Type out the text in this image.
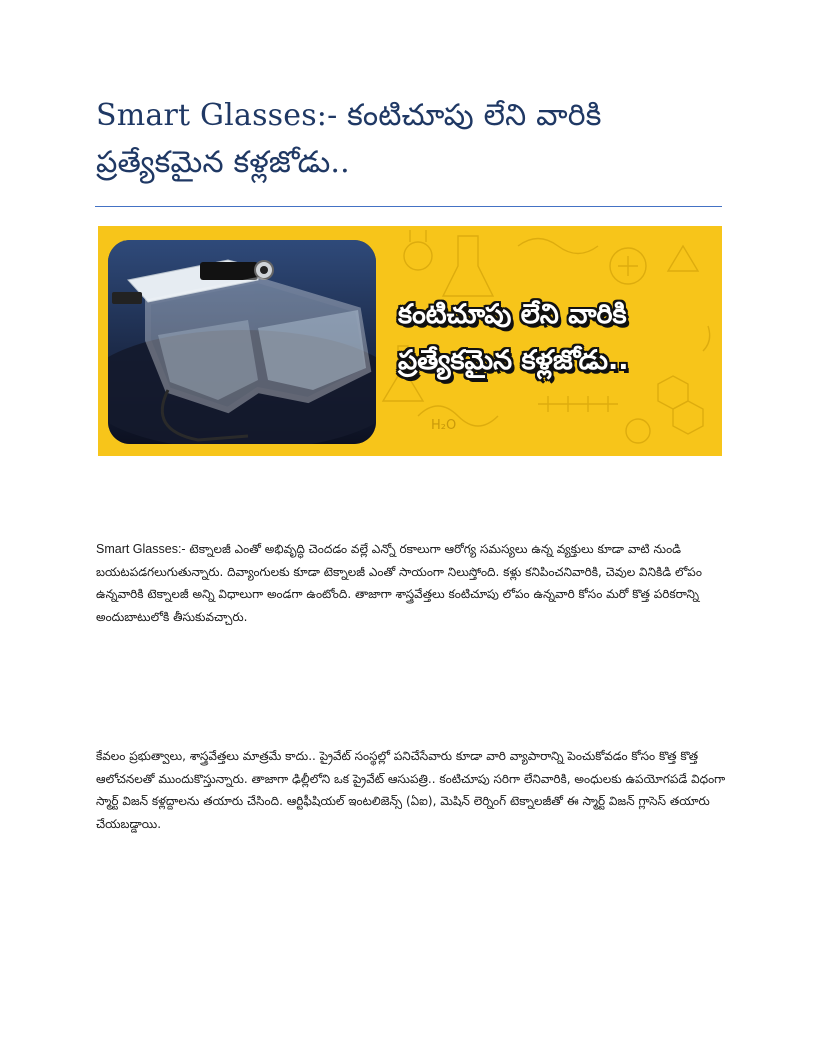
Smart Glasses:- కంటిచూపు లేని వారికి ప్రత్యేకమైన కళ్లజోడు..
H₂O
కంటిచూపు లేని వారికి
ప్రత్యేకమైన కళ్లజోడు..

Smart Glasses:- టెక్నాలజీ ఎంతో అభివృద్ధి చెందడం వల్లే ఎన్నో రకాలుగా ఆరోగ్య సమస్యలు ఉన్న వ్యక్తులు కూడా వాటి నుండి బయటపడగలుగుతున్నారు. దివ్యాంగులకు కూడా టెక్నాలజీ ఎంతో సాయంగా నిలుస్తోంది. కళ్లు కనిపించనివారికి, చెవుల వినికిడి లోపం ఉన్నవారికి టెక్నాలజీ అన్ని విధాలుగా అండగా ఉంటోంది. తాజాగా శాస్త్రవేత్తలు కంటిచూపు లోపం ఉన్నవారి కోసం మరో కొత్త పరికరాన్ని అందుబాటులోకి తీసుకువచ్చారు.

కేవలం ప్రభుత్వాలు, శాస్త్రవేత్తలు మాత్రమే కాదు.. ప్రైవేట్ సంస్థల్లో పనిచేసేవారు కూడా వారి వ్యాపారాన్ని పెంచుకోవడం కోసం కొత్త కొత్త ఆలోచనలతో ముందుకొస్తున్నారు. తాజాగా ఢిల్లీలోని ఒక ప్రైవేట్ ఆసుపత్రి.. కంటిచూపు సరిగా లేనివారికి, అంధులకు ఉపయోగపడే విధంగా స్మార్ట్ విజన్ కళ్లద్దాలను తయారు చేసింది. ఆర్టిఫీషియల్ ఇంటలిజెన్స్ (ఏఐ), మెషిన్ లెర్నింగ్ టెక్నాలజీతో ఈ స్మార్ట్ విజన్ గ్లాసెస్ తయారు చేయబడ్డాయి.
